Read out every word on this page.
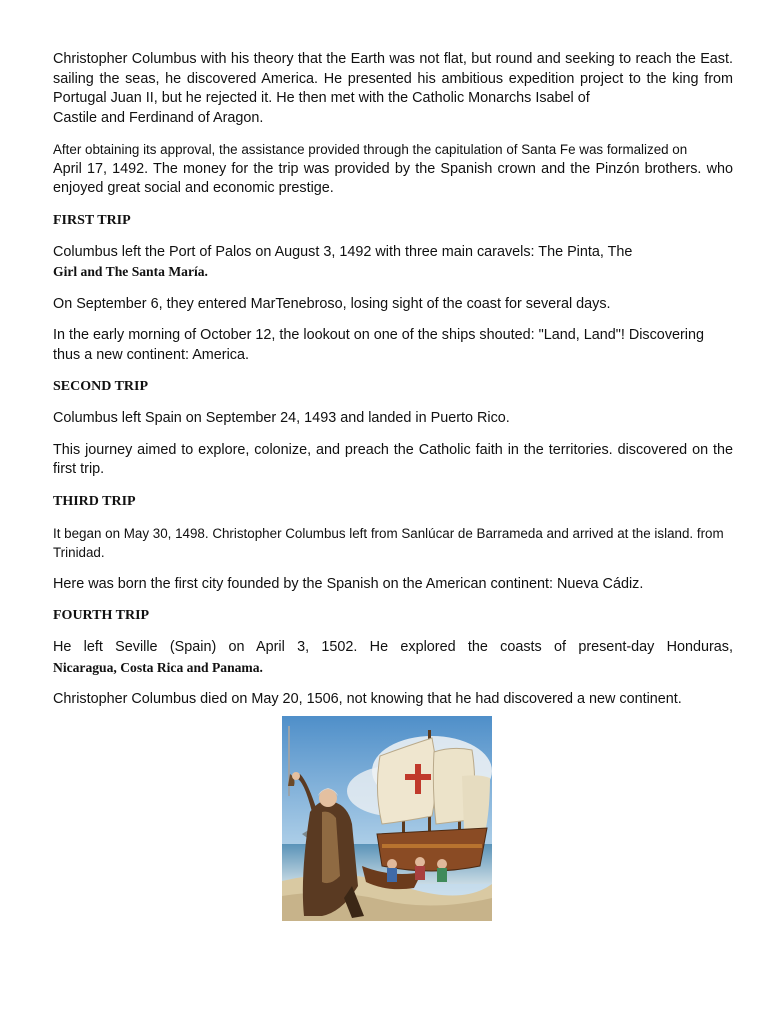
Christopher Columbus with his theory that the Earth was not flat, but round and seeking to reach the East. sailing the seas, he discovered America. He presented his ambitious expedition project to the king from Portugal Juan II, but he rejected it. He then met with the Catholic Monarchs Isabel of
Castile and Ferdinand of Aragon.

After obtaining its approval, the assistance provided through the capitulation of Santa Fe was formalized on

April 17, 1492. The money for the trip was provided by the Spanish crown and the Pinzón brothers. who enjoyed great social and economic prestige.

FIRST TRIP

Columbus left the Port of Palos on August 3, 1492 with three main caravels: The Pinta, The
Girl and The Santa María.

On September 6, they entered MarTenebroso, losing sight of the coast for several days.

In the early morning of October 12, the lookout on one of the ships shouted: "Land, Land"! Discovering thus a new continent: America.

SECOND TRIP

Columbus left Spain on September 24, 1493 and landed in Puerto Rico.

This journey aimed to explore, colonize, and preach the Catholic faith in the territories. discovered on the first trip.

THIRD TRIP

It began on May 30, 1498. Christopher Columbus left from Sanlúcar de Barrameda and arrived at the island. from Trinidad.

Here was born the first city founded by the Spanish on the American continent: Nueva Cádiz.

FOURTH TRIP

He left Seville (Spain) on April 3, 1502. He explored the coasts of present-day Honduras,
Nicaragua, Costa Rica and Panama.

Christopher Columbus died on May 20, 1506, not knowing that he had discovered a new continent.
